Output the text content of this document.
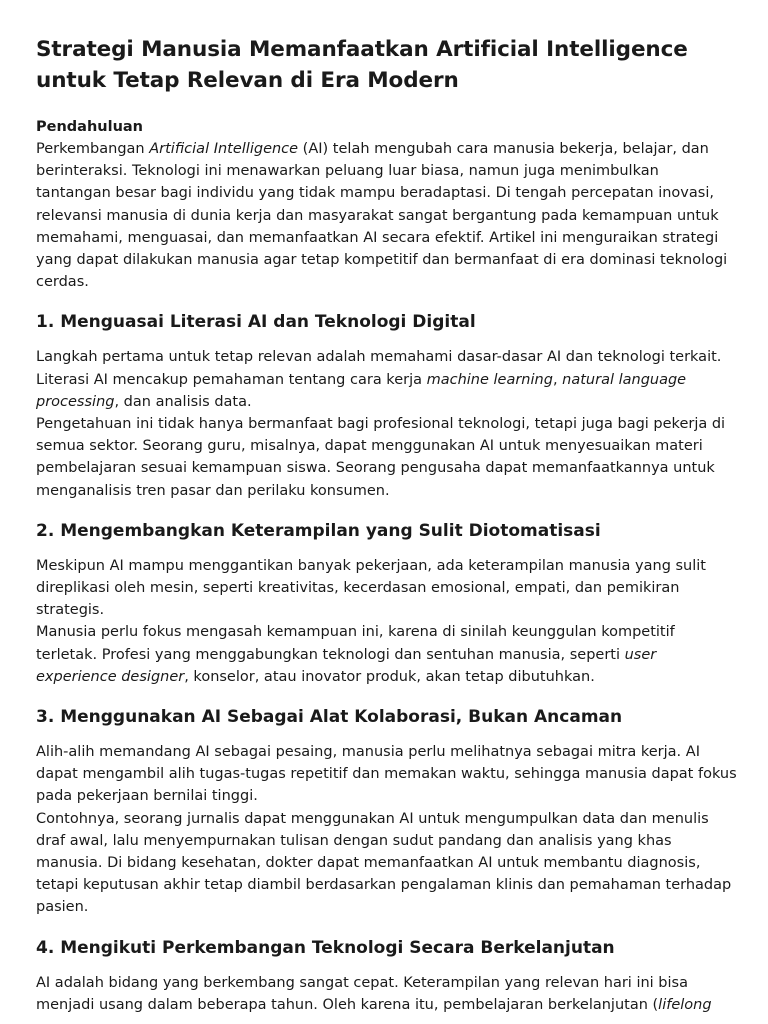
Strategi Manusia Memanfaatkan Artificial Intelligence untuk Tetap Relevan di Era Modern
Pendahuluan

Perkembangan Artificial Intelligence (AI) telah mengubah cara manusia bekerja, belajar, dan berinteraksi. Teknologi ini menawarkan peluang luar biasa, namun juga menimbulkan tantangan besar bagi individu yang tidak mampu beradaptasi. Di tengah percepatan inovasi, relevansi manusia di dunia kerja dan masyarakat sangat bergantung pada kemampuan untuk memahami, menguasai, dan memanfaatkan AI secara efektif. Artikel ini menguraikan strategi yang dapat dilakukan manusia agar tetap kompetitif dan bermanfaat di era dominasi teknologi cerdas.

1. Menguasai Literasi AI dan Teknologi Digital

Langkah pertama untuk tetap relevan adalah memahami dasar-dasar AI dan teknologi terkait. Literasi AI mencakup pemahaman tentang cara kerja machine learning, natural language processing, dan analisis data.

Pengetahuan ini tidak hanya bermanfaat bagi profesional teknologi, tetapi juga bagi pekerja di semua sektor. Seorang guru, misalnya, dapat menggunakan AI untuk menyesuaikan materi pembelajaran sesuai kemampuan siswa. Seorang pengusaha dapat memanfaatkannya untuk menganalisis tren pasar dan perilaku konsumen.

2. Mengembangkan Keterampilan yang Sulit Diotomatisasi

Meskipun AI mampu menggantikan banyak pekerjaan, ada keterampilan manusia yang sulit direplikasi oleh mesin, seperti kreativitas, kecerdasan emosional, empati, dan pemikiran strategis.

Manusia perlu fokus mengasah kemampuan ini, karena di sinilah keunggulan kompetitif terletak. Profesi yang menggabungkan teknologi dan sentuhan manusia, seperti user experience designer, konselor, atau inovator produk, akan tetap dibutuhkan.

3. Menggunakan AI Sebagai Alat Kolaborasi, Bukan Ancaman

Alih-alih memandang AI sebagai pesaing, manusia perlu melihatnya sebagai mitra kerja. AI dapat mengambil alih tugas-tugas repetitif dan memakan waktu, sehingga manusia dapat fokus pada pekerjaan bernilai tinggi.

Contohnya, seorang jurnalis dapat menggunakan AI untuk mengumpulkan data dan menulis draf awal, lalu menyempurnakan tulisan dengan sudut pandang dan analisis yang khas manusia. Di bidang kesehatan, dokter dapat memanfaatkan AI untuk membantu diagnosis, tetapi keputusan akhir tetap diambil berdasarkan pengalaman klinis dan pemahaman terhadap pasien.

4. Mengikuti Perkembangan Teknologi Secara Berkelanjutan

AI adalah bidang yang berkembang sangat cepat. Keterampilan yang relevan hari ini bisa menjadi usang dalam beberapa tahun. Oleh karena itu, pembelajaran berkelanjutan (lifelong
